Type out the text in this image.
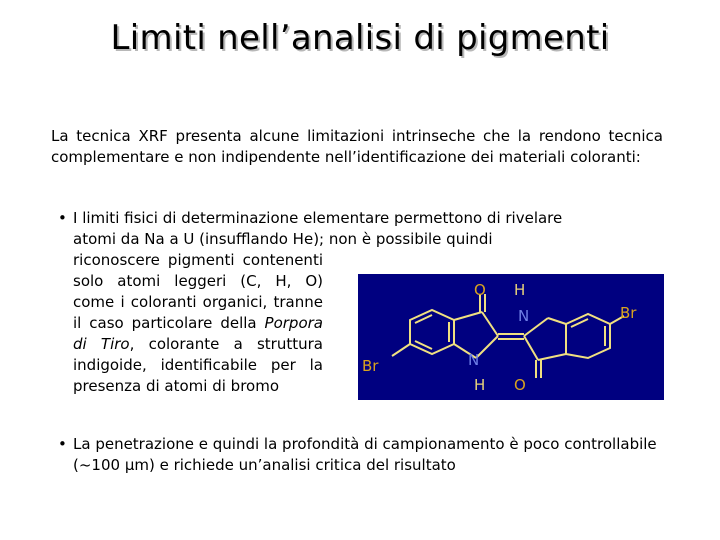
Limiti nell’analisi di pigmenti
La tecnica XRF presenta alcune limitazioni intrinseche che la rendono tecnica complementare e non indipendente nell’identificazione dei materiali coloranti:
• I limiti fisici di determinazione elementare permettono di rivelare
atomi da Na a U (insufflando He); non è possibile quindi
riconoscere pigmenti contenenti solo atomi leggeri (C, H, O) come i coloranti organici, tranne il caso particolare della Porpora di Tiro, colorante a struttura indigoide, identificabile per la presenza di atomi di bromo
O H
N	Br
Br	N
H O
• La penetrazione e quindi la profondità di campionamento è poco controllabile (~100 µm) e richiede un’analisi critica del risultato
